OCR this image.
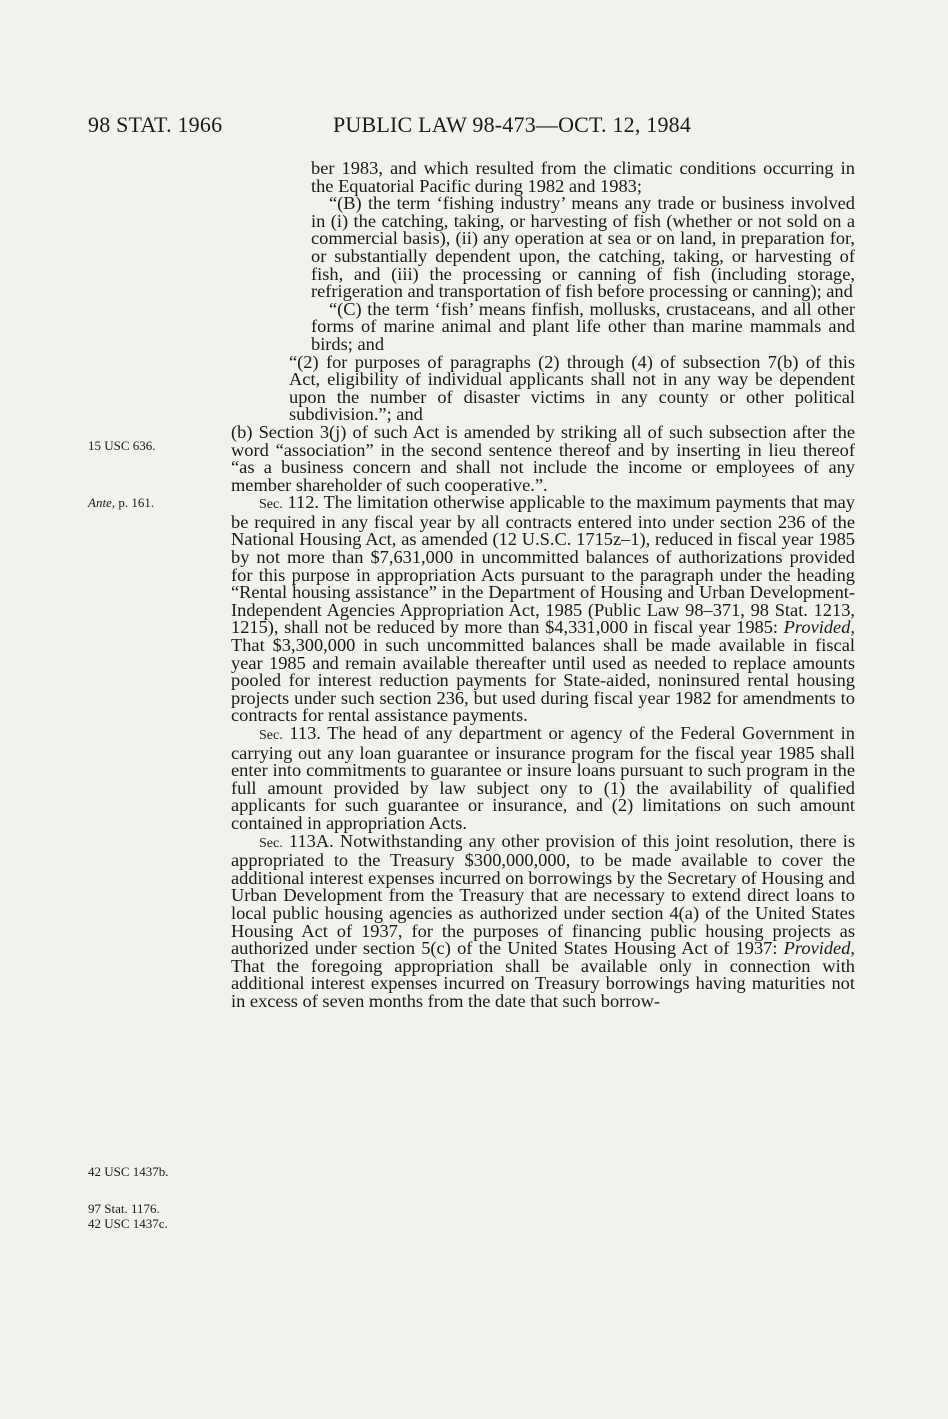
98 STAT. 1966	PUBLIC LAW 98-473—OCT. 12, 1984
15 USC 636.
Ante, p. 161.
42 USC 1437b.
97 Stat. 1176.
42 USC 1437c.

ber 1983, and which resulted from the climatic conditions occurring in the Equatorial Pacific during 1982 and 1983;

“(B) the term ‘fishing industry’ means any trade or business involved in (i) the catching, taking, or harvesting of fish (whether or not sold on a commercial basis), (ii) any operation at sea or on land, in preparation for, or substantially dependent upon, the catching, taking, or harvesting of fish, and (iii) the processing or canning of fish (including storage, refrigeration and transportation of fish before processing or canning); and

“(C) the term ‘fish’ means finfish, mollusks, crustaceans, and all other forms of marine animal and plant life other than marine mammals and birds; and

“(2) for purposes of paragraphs (2) through (4) of subsection 7(b) of this Act, eligibility of individual applicants shall not in any way be dependent upon the number of disaster victims in any county or other political subdivision.”; and

(b) Section 3(j) of such Act is amended by striking all of such subsection after the word “association” in the second sentence thereof and by inserting in lieu thereof “as a business concern and shall not include the income or employees of any member shareholder of such cooperative.”.

Sec. 112. The limitation otherwise applicable to the maximum payments that may be required in any fiscal year by all contracts entered into under section 236 of the National Housing Act, as amended (12 U.S.C. 1715z–1), reduced in fiscal year 1985 by not more than $7,631,000 in uncommitted balances of authorizations provided for this purpose in appropriation Acts pursuant to the paragraph under the heading “Rental housing assistance” in the Department of Housing and Urban Development-Independent Agencies Appropriation Act, 1985 (Public Law 98–371, 98 Stat. 1213, 1215), shall not be reduced by more than $4,331,000 in fiscal year 1985: Provided, That $3,300,000 in such uncommitted balances shall be made available in fiscal year 1985 and remain available thereafter until used as needed to replace amounts pooled for interest reduction payments for State-aided, noninsured rental housing projects under such section 236, but used during fiscal year 1982 for amendments to contracts for rental assistance payments.

Sec. 113. The head of any department or agency of the Federal Government in carrying out any loan guarantee or insurance program for the fiscal year 1985 shall enter into commitments to guarantee or insure loans pursuant to such program in the full amount provided by law subject ony to (1) the availability of qualified applicants for such guarantee or insurance, and (2) limitations on such amount contained in appropriation Acts.

Sec. 113A. Notwithstanding any other provision of this joint resolution, there is appropriated to the Treasury $300,000,000, to be made available to cover the additional interest expenses incurred on borrowings by the Secretary of Housing and Urban Development from the Treasury that are necessary to extend direct loans to local public housing agencies as authorized under section 4(a) of the United States Housing Act of 1937, for the purposes of financing public housing projects as authorized under section 5(c) of the United States Housing Act of 1937: Provided, That the foregoing appropriation shall be available only in connection with additional interest expenses incurred on Treasury borrowings having maturities not in excess of seven months from the date that such borrow-
